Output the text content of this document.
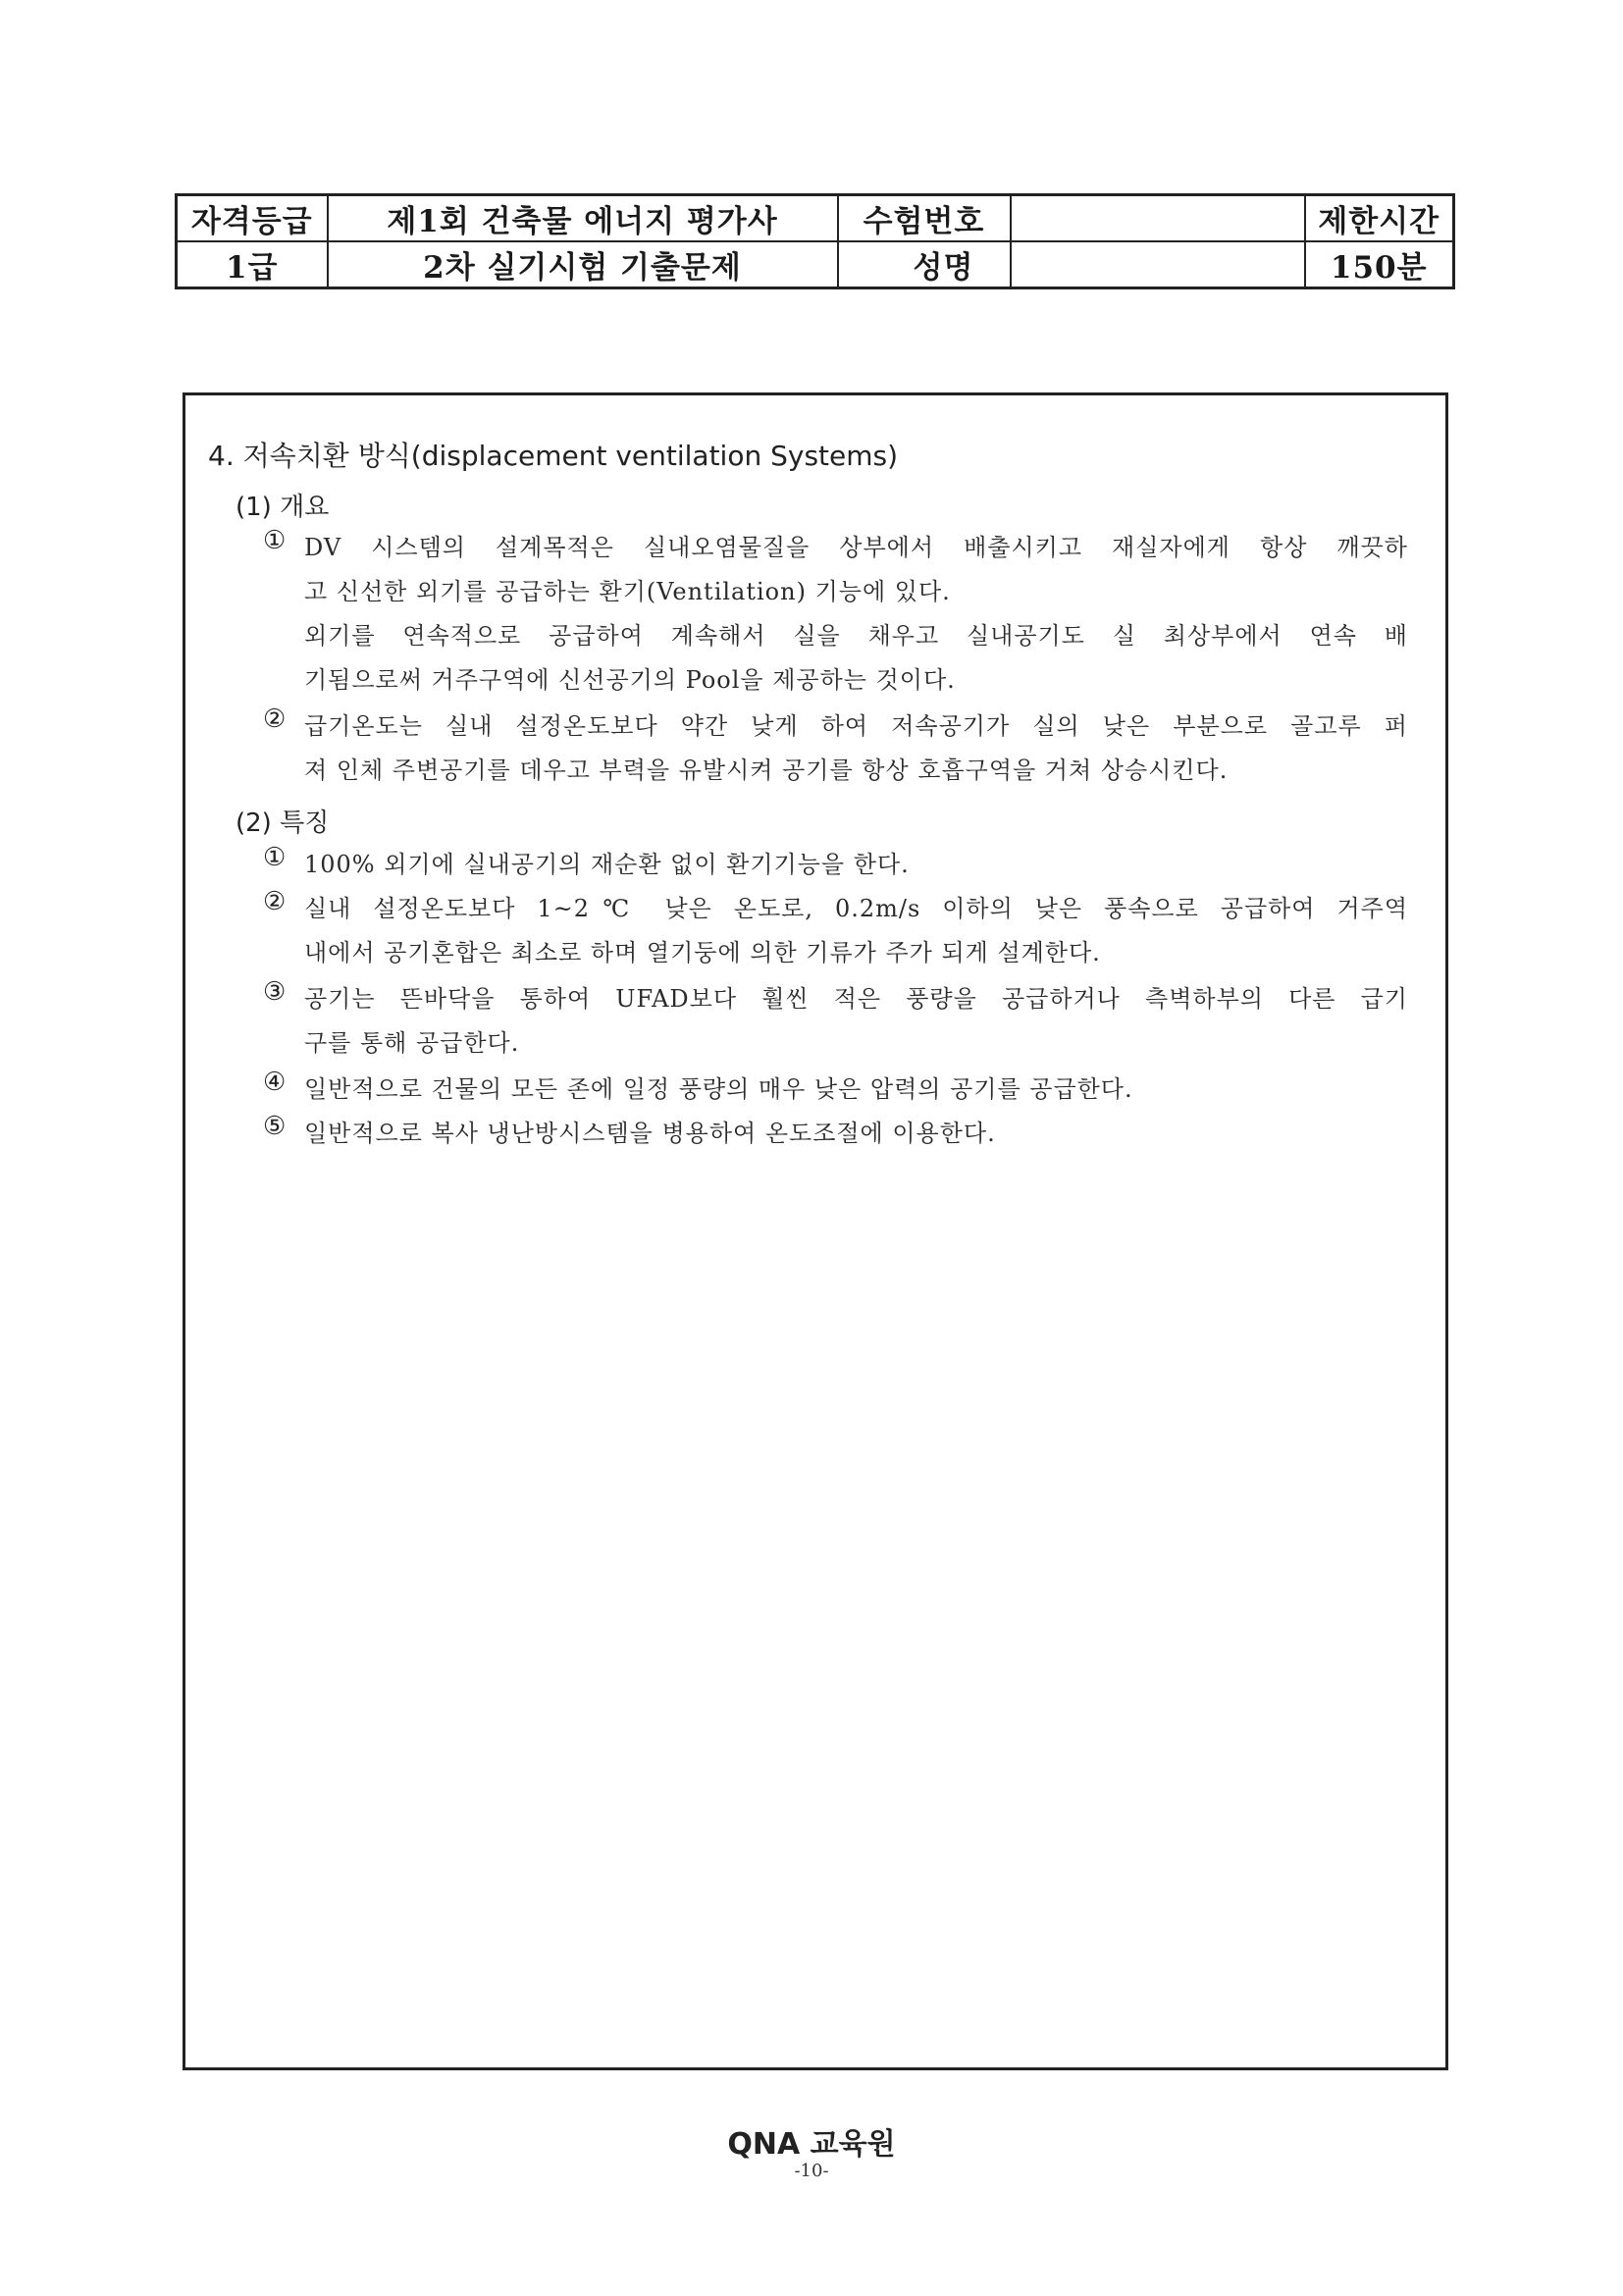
자격등급	제1회 건축물 에너지 평가사	수험번호		제한시간
1급	2차 실기시험 기출문제	성명		150분
4. 저속치환 방식(displacement ventilation Systems)
(1) 개요
① DV 시스템의 설계목적은 실내오염물질을 상부에서 배출시키고 재실자에게 항상 깨끗하
고 신선한 외기를 공급하는 환기(Ventilation) 기능에 있다.
외기를 연속적으로 공급하여 계속해서 실을 채우고 실내공기도 실 최상부에서 연속 배
기됨으로써 거주구역에 신선공기의 Pool을 제공하는 것이다.
② 급기온도는 실내 설정온도보다 약간 낮게 하여 저속공기가 실의 낮은 부분으로 골고루 퍼
져 인체 주변공기를 데우고 부력을 유발시켜 공기를 항상 호흡구역을 거쳐 상승시킨다.
(2) 특징
① 100% 외기에 실내공기의 재순환 없이 환기기능을 한다.
② 실내 설정온도보다 1~2℃ 낮은 온도로, 0.2m/s 이하의 낮은 풍속으로 공급하여 거주역
내에서 공기혼합은 최소로 하며 열기둥에 의한 기류가 주가 되게 설계한다.
③ 공기는 뜬바닥을 통하여 UFAD보다 훨씬 적은 풍량을 공급하거나 측벽하부의 다른 급기
구를 통해 공급한다.
④ 일반적으로 건물의 모든 존에 일정 풍량의 매우 낮은 압력의 공기를 공급한다.
⑤ 일반적으로 복사 냉난방시스템을 병용하여 온도조절에 이용한다.
QNA 교육원
-10-
